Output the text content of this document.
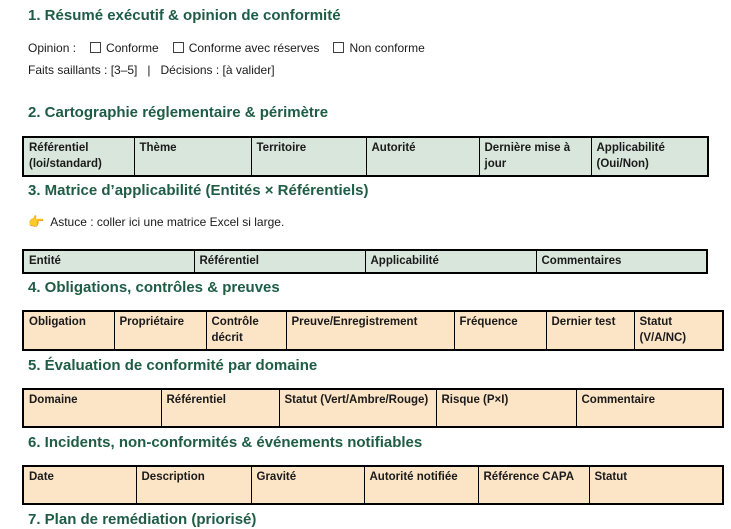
1. Résumé exécutif & opinion de conformité

Opinion :	Conforme	Conforme avec réserves	Non conforme

Faits saillants : [3–5] | Décisions : [à valider]

2. Cartographie réglementaire & périmètre
Référentiel (loi/standard)	Thème	Territoire	Autorité	Dernière mise à jour	Applicabilité (Oui/Non)
3. Matrice d’applicabilité (Entités × Référentiels)

👉 Astuce : coller ici une matrice Excel si large.

Entité	Référentiel	Applicabilité	Commentaires
4. Obligations, contrôles & preuves
Obligation	Propriétaire	Contrôle décrit	Preuve/Enregistrement	Fréquence	Dernier test	Statut (V/A/NC)
5. Évaluation de conformité par domaine
Domaine	Référentiel	Statut (Vert/Ambre/Rouge)	Risque (P×I)	Commentaire
6. Incidents, non-conformités & événements notifiables
Date	Description	Gravité	Autorité notifiée	Référence CAPA	Statut
7. Plan de remédiation (priorisé)
